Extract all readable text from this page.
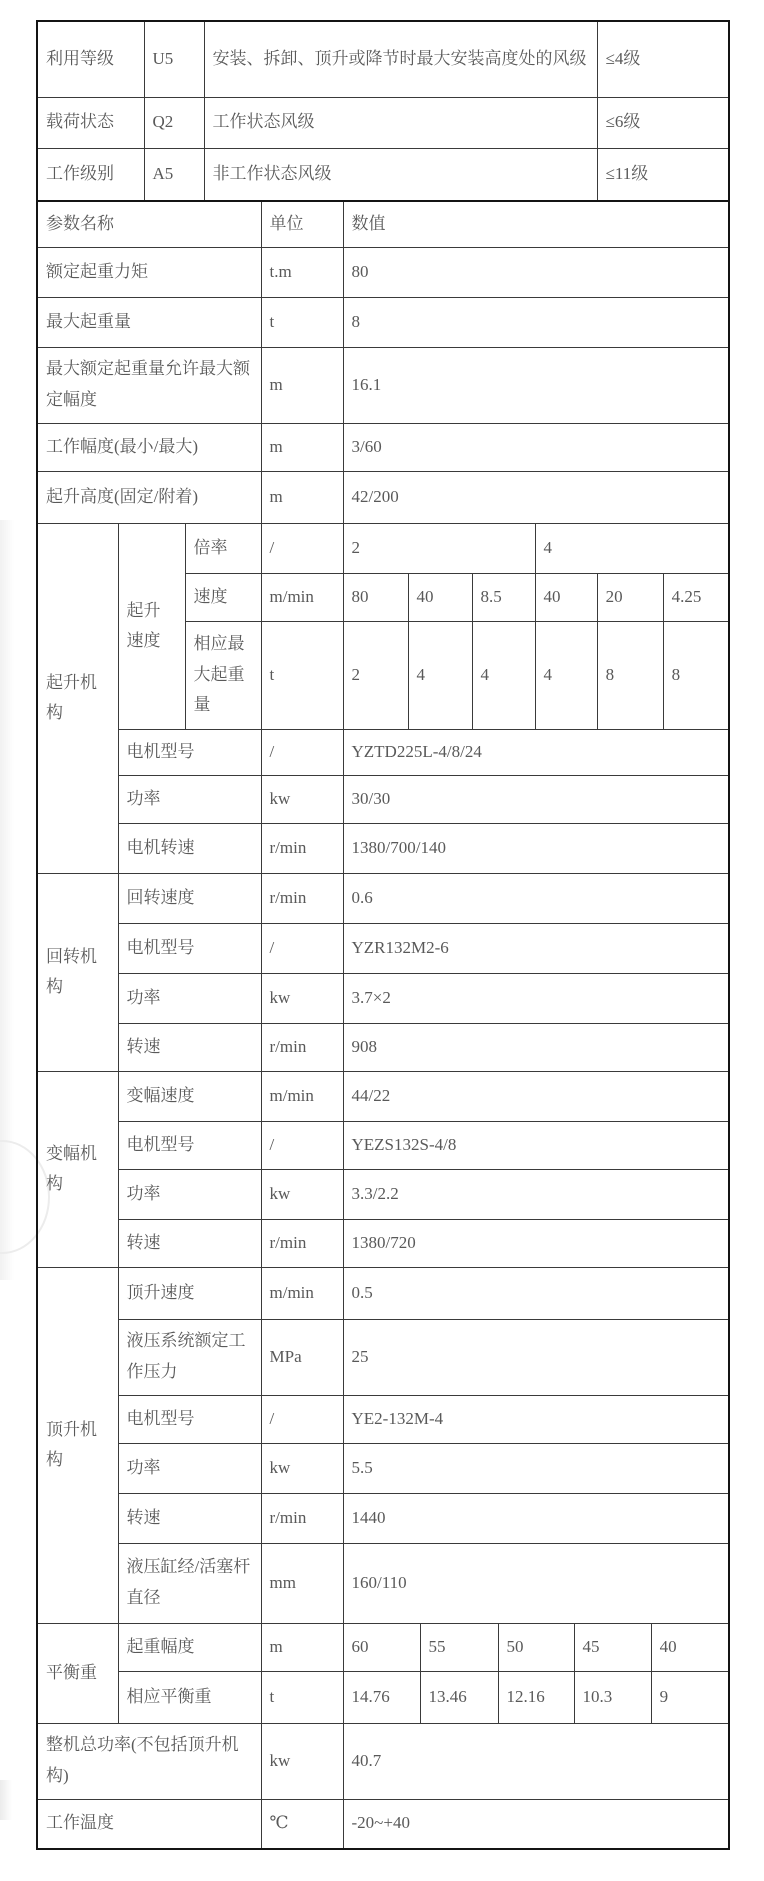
利用等级		U5		安装、拆卸、顶升或降节时最大安装高度处的风级									≤4级		
载荷状态		Q2		工作状态风级									≤6级		
工作级别		A5		非工作状态风级									≤11级		
参数名称					单位	数值									
额定起重力矩					t.m	80									
最大起重量					t	8									
最大额定起重量允许最大额定幅度					m	16.1									
工作幅度(最小/最大)					m	3/60									
起升高度(固定/附着)					m	42/200									
起升机构	起升速度		倍率		/	2					4				
			速度		m/min	80	40		8.5		40		20		4.25
			相应最大起重量		t	2	4		4		4		8		8
	电机型号				/	YZTD225L-4/8/24									
	功率				kw	30/30									
	电机转速				r/min	1380/700/140									
回转机构	回转速度				r/min	0.6									
	电机型号				/	YZR132M2-6									
	功率				kw	3.7×2									
	转速				r/min	908									
变幅机构	变幅速度				m/min	44/22									
	电机型号				/	YEZS132S-4/8									
	功率				kw	3.3/2.2									
	转速				r/min	1380/720									
顶升机构	顶升速度				m/min	0.5									
	液压系统额定工作压力				MPa	25									
	电机型号				/	YE2-132M-4									
	功率				kw	5.5									
	转速				r/min	1440									
	液压缸经/活塞杆直径				mm	160/110									
平衡重	起重幅度				m	60		55		50		45		40	
	相应平衡重				t	14.76		13.46		12.16		10.3		9	
整机总功率(不包括顶升机构)					kw	40.7									
工作温度					℃	-20~+40									
